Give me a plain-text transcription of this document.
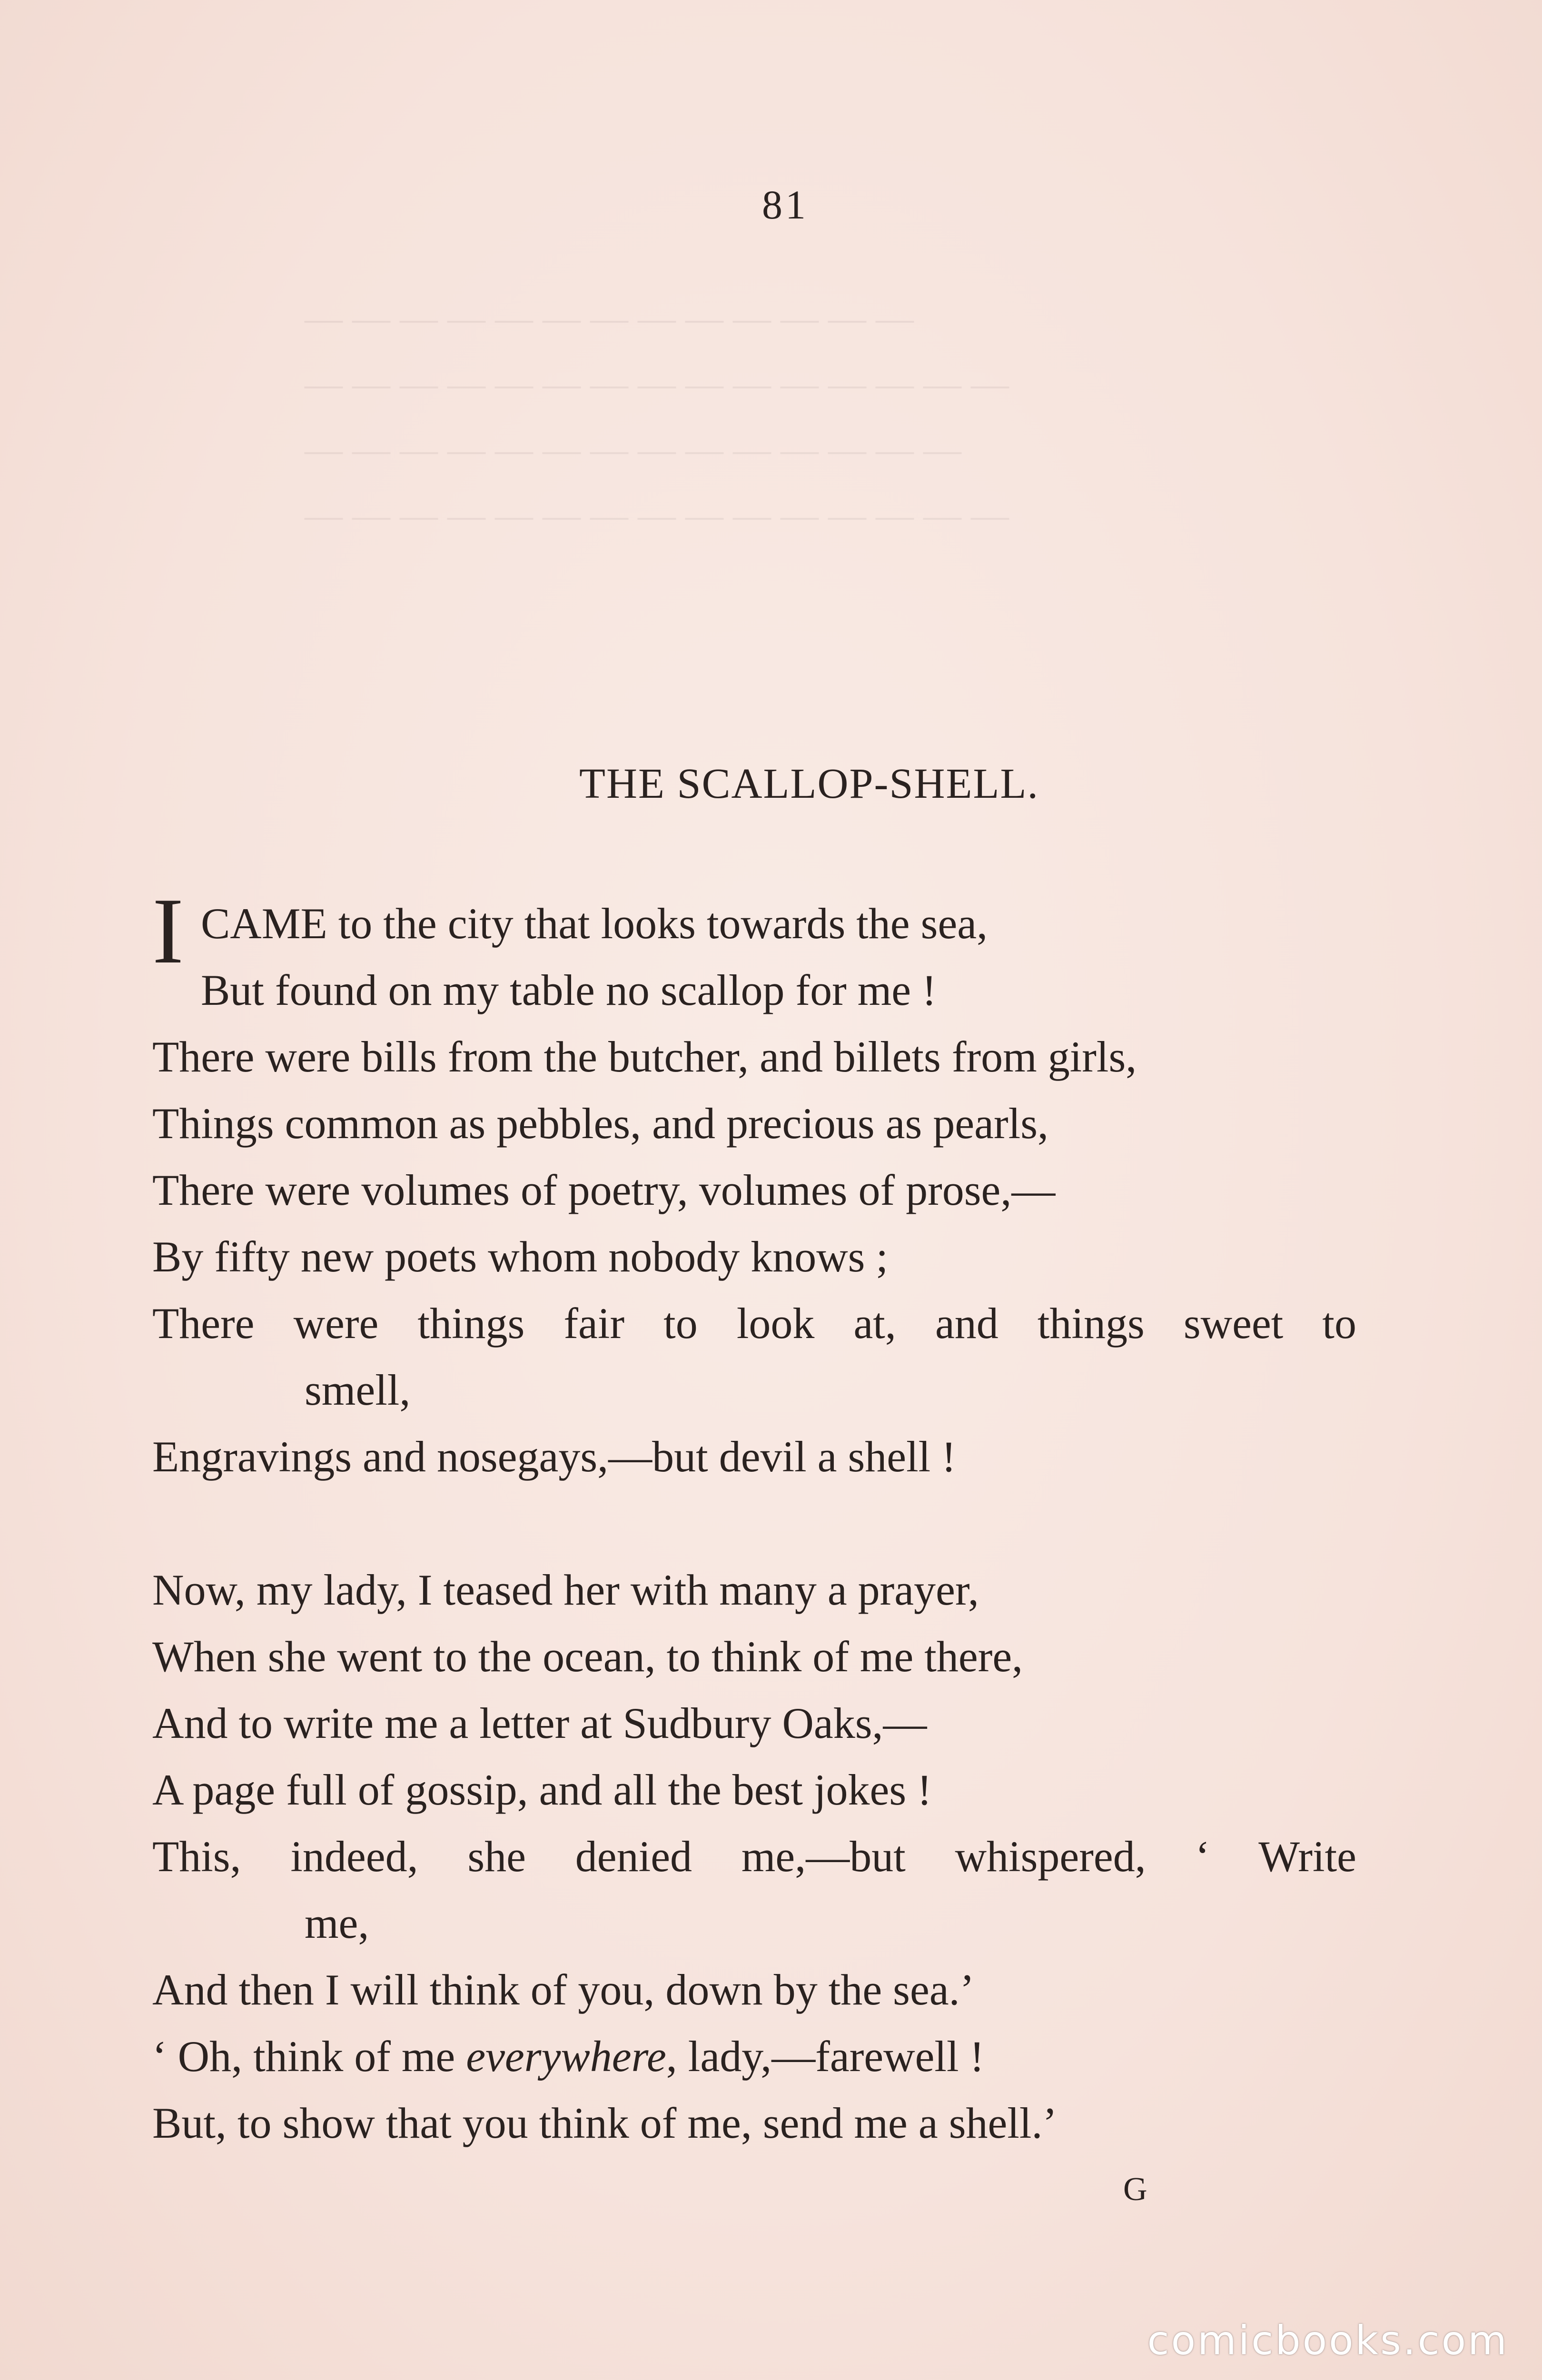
— — — — — — — — — — — — —
— — — — — — — — — — — — — — —
— — — — — — — — — — — — — —
— — — — — — — — — — — — — — —
81
THE SCALLOP-SHELL.
I CAME to the city that looks towards the sea,
But found on my table no scallop for me !
There were bills from the butcher, and billets from girls,
Things common as pebbles, and precious as pearls,
There were volumes of poetry, volumes of prose,—
By fifty new poets whom nobody knows ;
There were things fair to look at, and things sweet to
smell,
Engravings and nosegays,—but devil a shell !
Now, my lady, I teased her with many a prayer,
When she went to the ocean, to think of me there,
And to write me a letter at Sudbury Oaks,—
A page full of gossip, and all the best jokes !
This, indeed, she denied me,—but whispered, ‘ Write
me,
And then I will think of you, down by the sea.’
‘ Oh, think of me everywhere, lady,—farewell !
But, to show that you think of me, send me a shell.’
G
comicbooks.com
